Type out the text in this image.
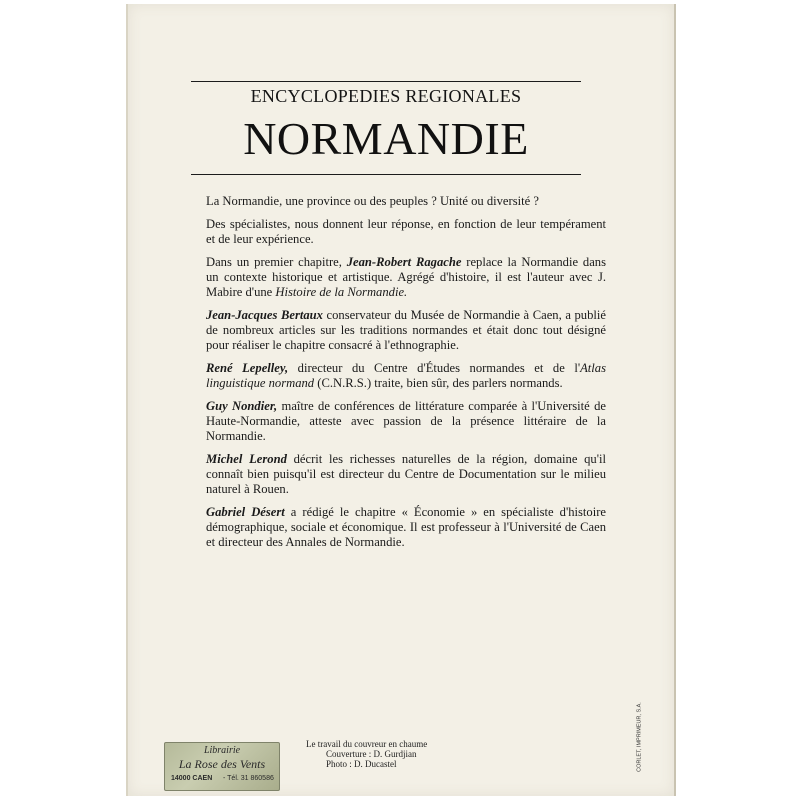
ENCYCLOPEDIES REGIONALES
NORMANDIE

La Normandie, une province ou des peuples ? Unité ou diversité ?

Des spécialistes, nous donnent leur réponse, en fonction de leur tempérament et de leur expérience.

Dans un premier chapitre, Jean-Robert Ragache replace la Normandie dans un contexte historique et artistique. Agrégé d'histoire, il est l'auteur avec J. Mabire d'une Histoire de la Normandie.

Jean-Jacques Bertaux conservateur du Musée de Normandie à Caen, a publié de nombreux articles sur les traditions normandes et était donc tout désigné pour réaliser le chapitre consacré à l'ethnographie.

René Lepelley, directeur du Centre d'Études normandes et de l'Atlas linguistique normand (C.N.R.S.) traite, bien sûr, des parlers normands.

Guy Nondier, maître de conférences de littérature comparée à l'Université de Haute-Normandie, atteste avec passion de la présence littéraire de la Normandie.

Michel Lerond décrit les richesses naturelles de la région, domaine qu'il connaît bien puisqu'il est directeur du Centre de Documentation sur le milieu naturel à Rouen.

Gabriel Désert a rédigé le chapitre « Économie » en spécialiste d'histoire démographique, sociale et économique. Il est professeur à l'Université de Caen et directeur des Annales de Normandie.

Librairie
La Rose des Vents
14000 CAEN - Tél. 31 860586
Le travail du couvreur en chaume
Couverture : D. Gurdjian
Photo : D. Ducastel	CORLET, IMPRIMEUR, S.A.
